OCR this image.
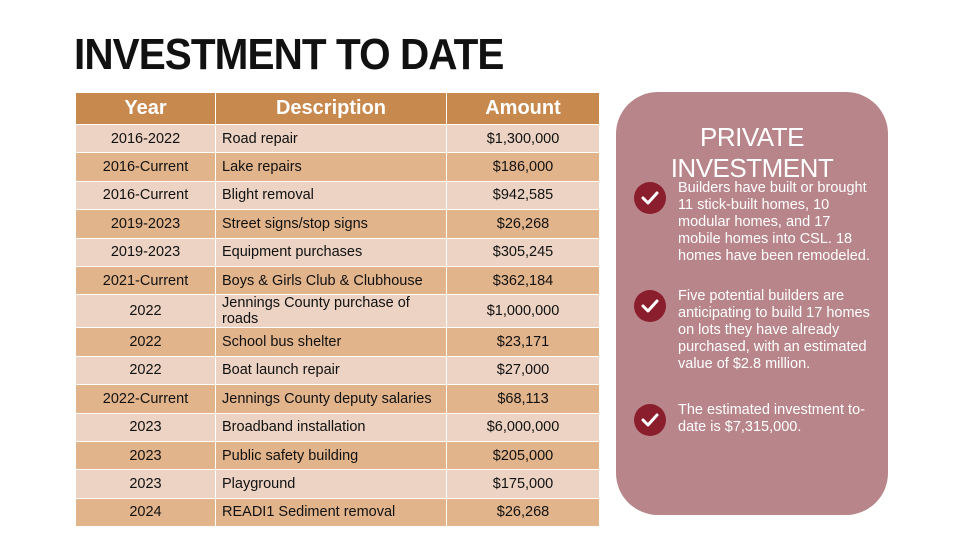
INVESTMENT TO DATE
Year	Description	Amount
2016-2022	Road repair	$1,300,000
2016-Current	Lake repairs	$186,000
2016-Current	Blight removal	$942,585
2019-2023	Street signs/stop signs	$26,268
2019-2023	Equipment purchases	$305,245
2021-Current	Boys & Girls Club & Clubhouse	$362,184
2022	Jennings County purchase of roads	$1,000,000
2022	School bus shelter	$23,171
2022	Boat launch repair	$27,000
2022-Current	Jennings County deputy salaries	$68,113
2023	Broadband installation	$6,000,000
2023	Public safety building	$205,000
2023	Playground	$175,000
2024	READI1 Sediment removal	$26,268
PRIVATE INVESTMENT
Builders have built or brought 11 stick-built homes, 10 modular homes, and 17 mobile homes into CSL. 18 homes have been remodeled.
Five potential builders are anticipating to build 17 homes on lots they have already purchased, with an estimated value of $2.8 million.
The estimated investment to-date is $7,315,000.
